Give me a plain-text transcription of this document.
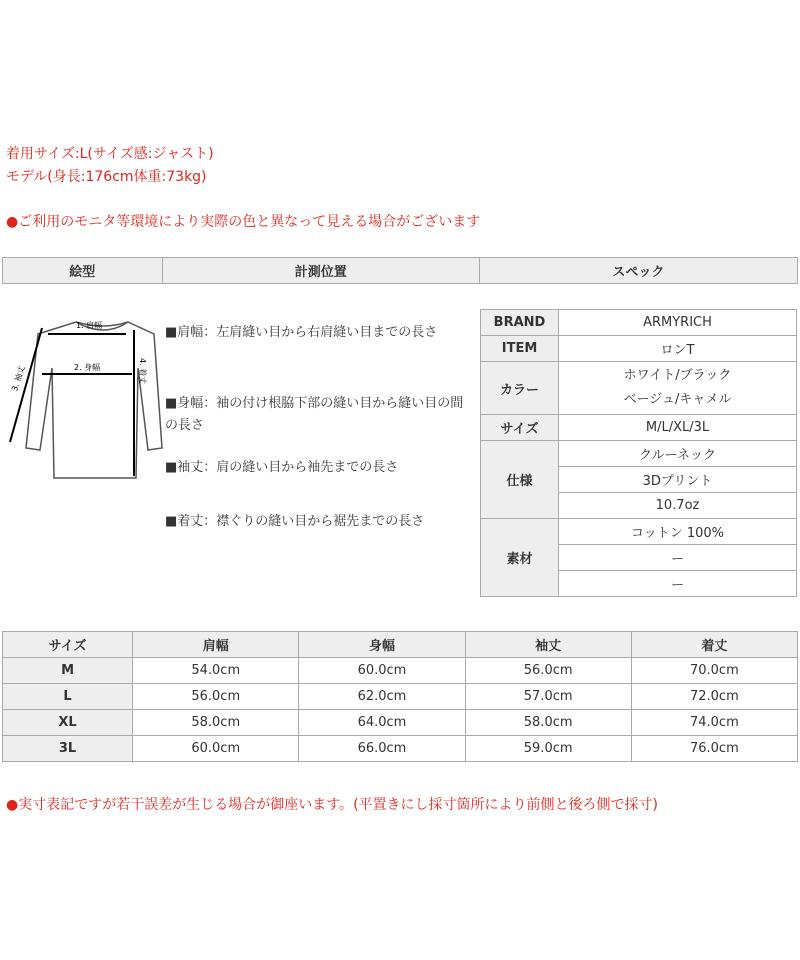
着用サイズ:L(サイズ感:ジャスト)
モデル(身長:176cm体重:73kg)
●ご利用のモニタ等環境により実際の色と異なって見える場合がございます
絵型	計測位置	スペック
1. 肩幅
2. 身幅
3. 袖丈	4. 着丈
■肩幅：左肩縫い目から右肩縫い目までの長さ
■身幅：袖の付け根脇下部の縫い目から縫い目の間の長さ
■袖丈：肩の縫い目から袖先までの長さ
■着丈：襟ぐりの縫い目から裾先までの長さ
BRAND	ARMYRICH
ITEM	ロンT
カラー	ホワイト/ブラック
ベージュ/キャメル

サイズ	M/L/XL/3L
仕様	クルーネック
	3Dプリント
	10.7oz
素材	コットン 100%
	ー
	ー
サイズ	肩幅	身幅	袖丈	着丈
M	54.0cm	60.0cm	56.0cm	70.0cm
L	56.0cm	62.0cm	57.0cm	72.0cm
XL	58.0cm	64.0cm	58.0cm	74.0cm
3L	60.0cm	66.0cm	59.0cm	76.0cm
●実寸表記ですが若干誤差が生じる場合が御座います。(平置きにし採寸箇所により前側と後ろ側で採寸)
